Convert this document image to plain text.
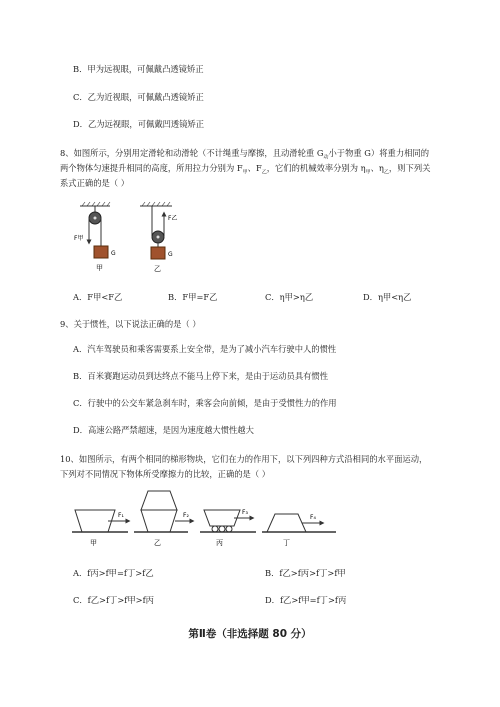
B．甲为远视眼，可佩戴凸透镜矫正
C．乙为近视眼，可佩戴凸透镜矫正
D．乙为远视眼，可佩戴凹透镜矫正
8、如图所示，分别用定滑轮和动滑轮（不计绳重与摩擦，且动滑轮重 $G_动$小于物重 G）将重力相同的
两个物体匀速提升相同的高度，所用拉力分别为 $F_甲$、$F_乙$，它们的机械效率分别为 $\eta_甲$、$\eta_乙$，则下列关
系式正确的是（ ）
F甲
G
甲
F乙
G
乙
A．F甲<F乙	B．F甲=F乙	C．η甲>η乙	D．η甲<η乙
9、关于惯性，以下说法正确的是（ ）
A．汽车驾驶员和乘客需要系上安全带，是为了减小汽车行驶中人的惯性
B．百米赛跑运动员到达终点不能马上停下来，是由于运动员具有惯性
C．行驶中的公交车紧急刹车时，乘客会向前倾，是由于受惯性力的作用
D．高速公路严禁超速，是因为速度越大惯性越大
10、如图所示，有两个相同的梯形物块，它们在力的作用下，以下列四种方式沿相同的水平面运动，
下列对不同情况下物体所受摩擦力的比较，正确的是（ ）
F₁
甲
F₂
乙
F₃
丙
F₄
丁
A．f丙>f甲=f丁>f乙	B．f乙>f丙>f丁>f甲
C．f乙>f丁>f甲>f丙	D．f乙>f甲=f丁>f丙
第Ⅱ卷（非选择题 80 分）
